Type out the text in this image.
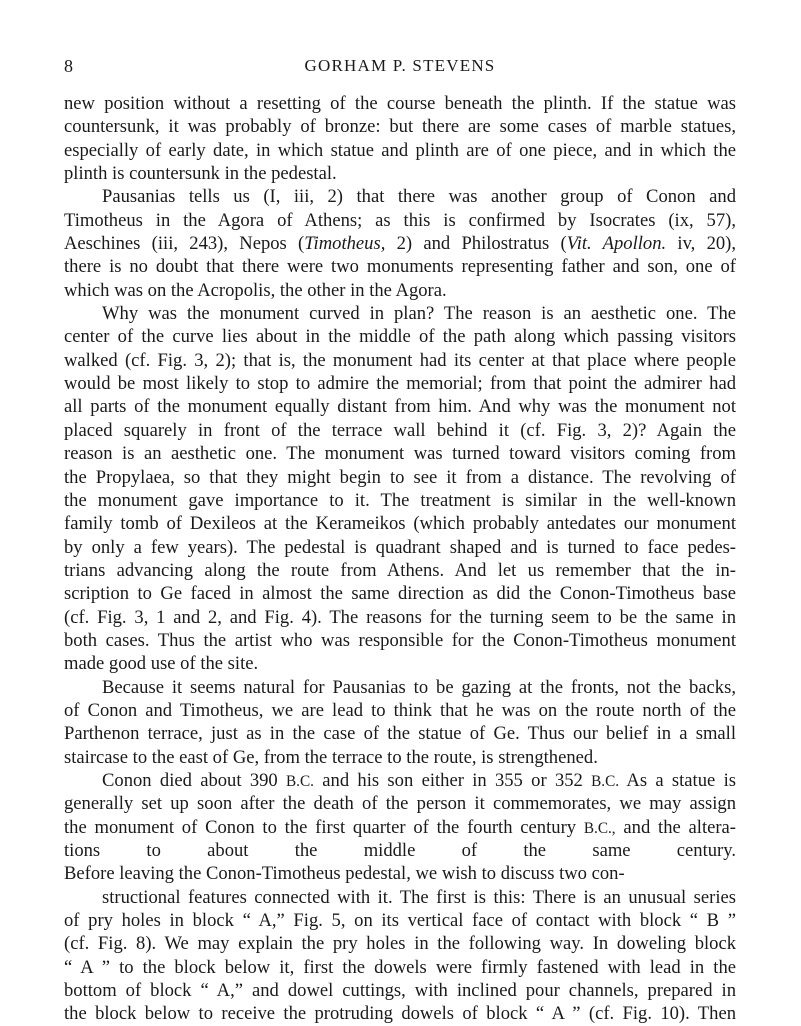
8	GORHAM P. STEVENS
new position without a resetting of the course beneath the plinth. If the statue was
countersunk, it was probably of bronze: but there are some cases of marble statues,
especially of early date, in which statue and plinth are of one piece, and in which the
plinth is countersunk in the pedestal.
Pausanias tells us (I, iii, 2) that there was another group of Conon and
Timotheus in the Agora of Athens; as this is confirmed by Isocrates (ix, 57),
Aeschines (iii, 243), Nepos (Timotheus, 2) and Philostratus (Vit. Apollon. iv, 20),
there is no doubt that there were two monuments representing father and son, one of
which was on the Acropolis, the other in the Agora.
Why was the monument curved in plan? The reason is an aesthetic one. The
center of the curve lies about in the middle of the path along which passing visitors
walked (cf. Fig. 3, 2); that is, the monument had its center at that place where people
would be most likely to stop to admire the memorial; from that point the admirer had
all parts of the monument equally distant from him. And why was the monument not
placed squarely in front of the terrace wall behind it (cf. Fig. 3, 2)? Again the
reason is an aesthetic one. The monument was turned toward visitors coming from
the Propylaea, so that they might begin to see it from a distance. The revolving of
the monument gave importance to it. The treatment is similar in the well-known
family tomb of Dexileos at the Kerameikos (which probably antedates our monument
by only a few years). The pedestal is quadrant shaped and is turned to face pedes-
trians advancing along the route from Athens. And let us remember that the in-
scription to Ge faced in almost the same direction as did the Conon-Timotheus base
(cf. Fig. 3, 1 and 2, and Fig. 4). The reasons for the turning seem to be the same in
both cases. Thus the artist who was responsible for the Conon-Timotheus monument
made good use of the site.
Because it seems natural for Pausanias to be gazing at the fronts, not the backs,
of Conon and Timotheus, we are lead to think that he was on the route north of the
Parthenon terrace, just as in the case of the statue of Ge. Thus our belief in a small
staircase to the east of Ge, from the terrace to the route, is strengthened.
Conon died about 390 B.C. and his son either in 355 or 352 B.C. As a statue is
generally set up soon after the death of the person it commemorates, we may assign
the monument of Conon to the first quarter of the fourth century B.C., and the altera-
tions to about the middle of the same century.
Before leaving the Conon-Timotheus pedestal, we wish to discuss two con-
structional features connected with it. The first is this: There is an unusual series
of pry holes in block “ A,” Fig. 5, on its vertical face of contact with block “ B ”
(cf. Fig. 8). We may explain the pry holes in the following way. In doweling block
“ A ” to the block below it, first the dowels were firmly fastened with lead in the
bottom of block “ A,” and dowel cuttings, with inclined pour channels, prepared in
the block below to receive the protruding dowels of block “ A ” (cf. Fig. 10). Then
